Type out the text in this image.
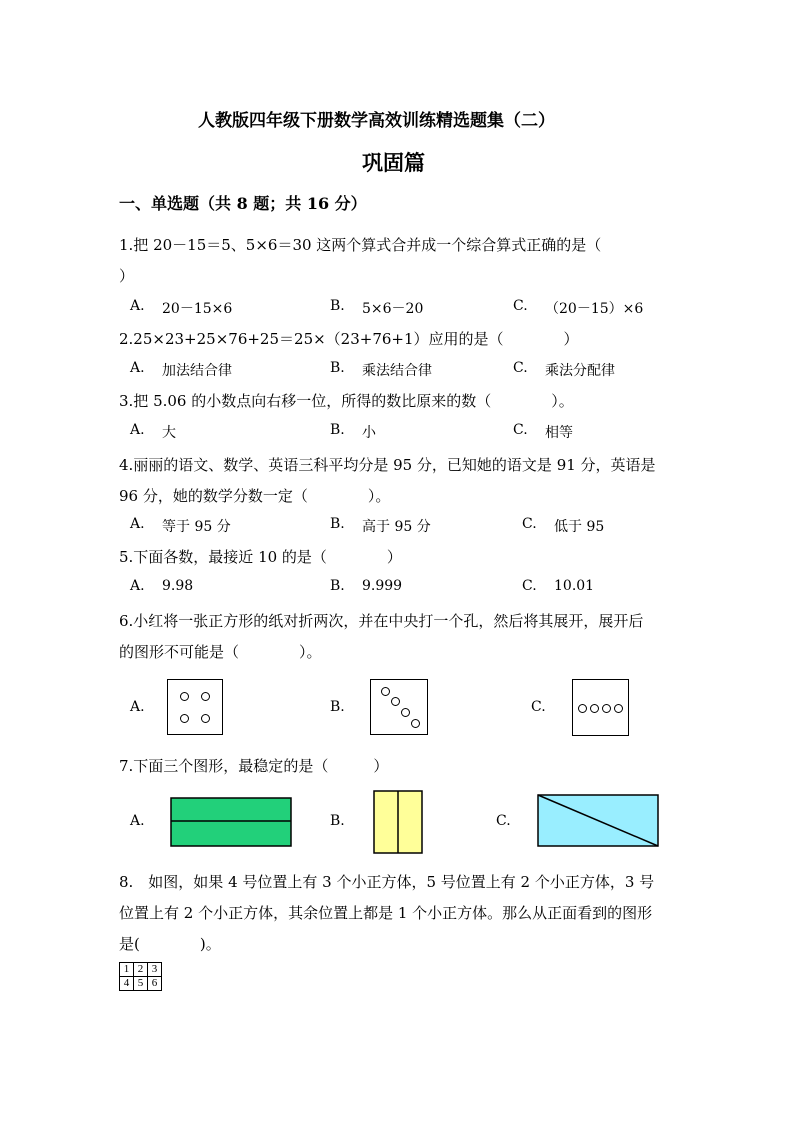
人教版四年级下册数学高效训练精选题集（二）
巩固篇
一、单选题（共 8 题；共 16 分）
1.把 20－15＝5、5×6＝30 这两个算式合并成一个综合算式正确的是（
）
A. 20－15×6	B. 5×6－20	C. （20－15）×6
2.25×23+25×76+25＝25×（23+76+1）应用的是（　　　　）
A. 加法结合律	B. 乘法结合律	C. 乘法分配律
3.把 5.06 的小数点向右移一位，所得的数比原来的数（　　　　）。
A. 大	B. 小	C. 相等
4.丽丽的语文、数学、英语三科平均分是 95 分，已知她的语文是 91 分，英语是
96 分，她的数学分数一定（　　　　）。
A. 等于 95 分	B. 高于 95 分	C. 低于 95
5.下面各数，最接近 10 的是（　　　　）
A. 9.98	B. 9.999	C. 10.01
6.小红将一张正方形的纸对折两次，并在中央打一个孔，然后将其展开，展开后
的图形不可能是（　　　　）。
A.	B.	C.
7.下面三个图形，最稳定的是（　　　）
A.	B.	C.
8.　如图，如果 4 号位置上有 3 个小正方体，5 号位置上有 2 个小正方体，3 号
位置上有 2 个小正方体，其余位置上都是 1 个小正方体。那么从正面看到的图形
是(　　　　)。
1	2	3
4	5	6
